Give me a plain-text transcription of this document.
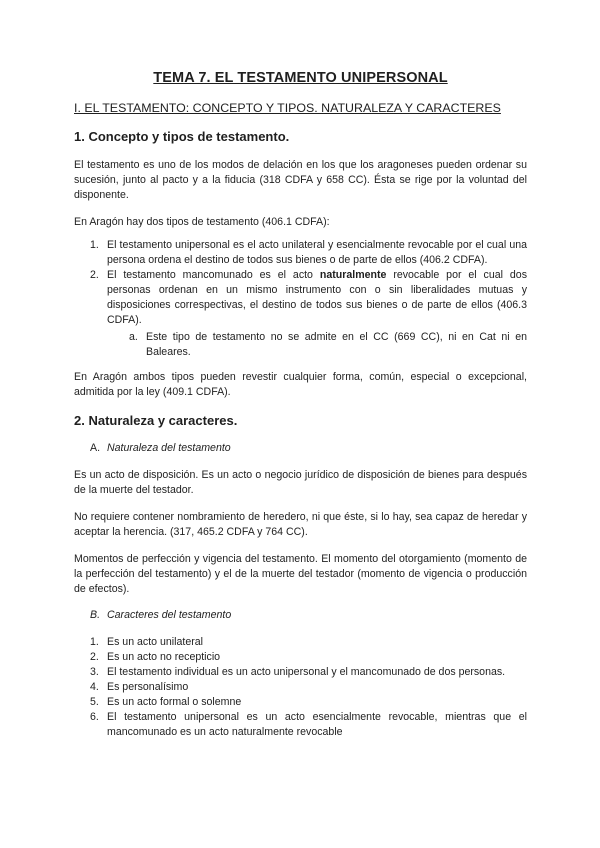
TEMA 7. EL TESTAMENTO UNIPERSONAL
I. EL TESTAMENTO: CONCEPTO Y TIPOS. NATURALEZA Y CARACTERES
1. Concepto y tipos de testamento.

El testamento es uno de los modos de delación en los que los aragoneses pueden ordenar su sucesión, junto al pacto y a la fiducia (318 CDFA y 658 CC). Ésta se rige por la voluntad del disponente.

En Aragón hay dos tipos de testamento (406.1 CDFA):

1. El testamento unipersonal es el acto unilateral y esencialmente revocable por el cual una persona ordena el destino de todos sus bienes o de parte de ellos (406.2 CDFA).
2. El testamento mancomunado es el acto naturalmente revocable por el cual dos personas ordenan en un mismo instrumento con o sin liberalidades mutuas y disposiciones correspectivas, el destino de todos sus bienes o de parte de ellos (406.3 CDFA).
a. Este tipo de testamento no se admite en el CC (669 CC), ni en Cat ni en Baleares.

En Aragón ambos tipos pueden revestir cualquier forma, común, especial o excepcional, admitida por la ley (409.1 CDFA).

2. Naturaleza y caracteres.
A. Naturaleza del testamento

Es un acto de disposición. Es un acto o negocio jurídico de disposición de bienes para después de la muerte del testador.

No requiere contener nombramiento de heredero, ni que éste, si lo hay, sea capaz de heredar y aceptar la herencia. (317, 465.2 CDFA y 764 CC).

Momentos de perfección y vigencia del testamento. El momento del otorgamiento (momento de la perfección del testamento) y el de la muerte del testador (momento de vigencia o producción de efectos).

B. Caracteres del testamento
1. Es un acto unilateral
2. Es un acto no recepticio
3. El testamento individual es un acto unipersonal y el mancomunado de dos personas.
4. Es personalísimo
5. Es un acto formal o solemne
6. El testamento unipersonal es un acto esencialmente revocable, mientras que el mancomunado es un acto naturalmente revocable
